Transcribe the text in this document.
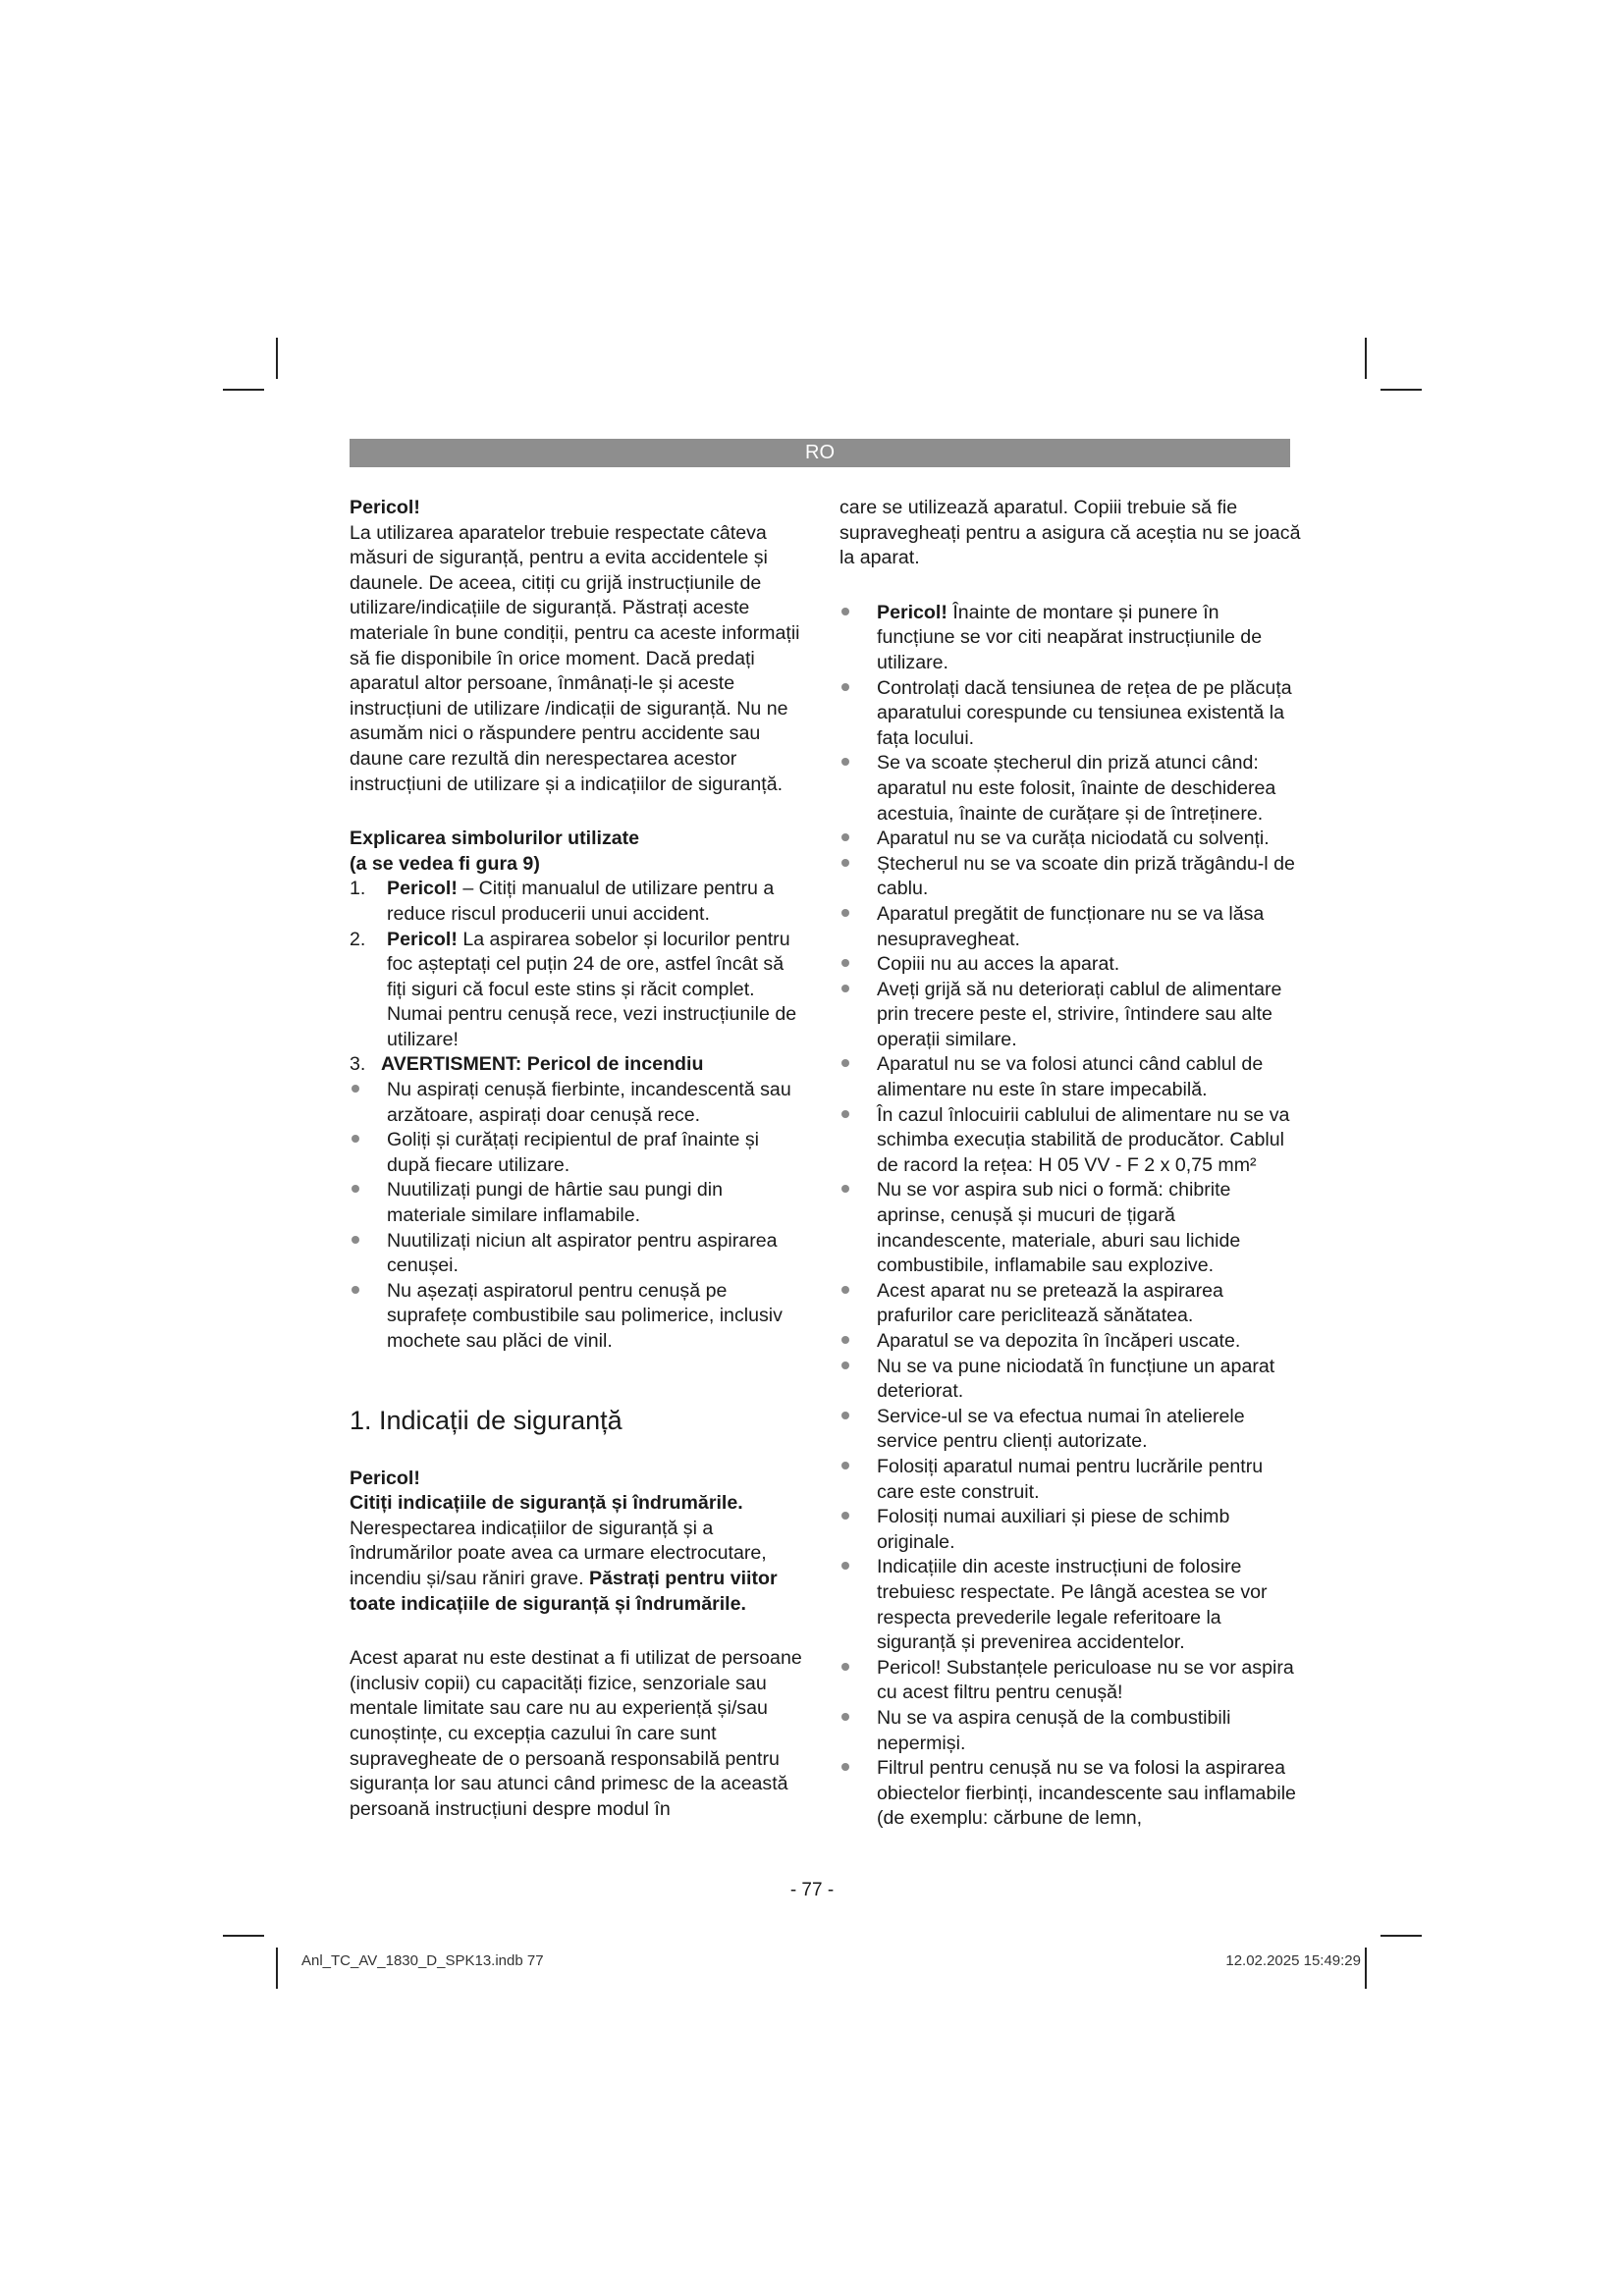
RO

Pericol!

La utilizarea aparatelor trebuie respectate câteva măsuri de siguranță, pentru a evita accidentele și daunele. De aceea, citiți cu grijă instrucțiunile de utilizare/indicațiile de siguranță. Păstrați aceste materiale în bune condiții, pentru ca aceste informații să fie disponibile în orice moment. Dacă predați aparatul altor persoane, înmânați-le și aceste instrucțiuni de utilizare /indicații de siguranță. Nu ne asumăm nici o răspundere pentru accidente sau daune care rezultă din nerespectarea acestor instrucțiuni de utilizare și a indicațiilor de siguranță.

Explicarea simbolurilor utilizate

(a se vedea fi gura 9)

1.	Pericol! – Citiți manualul de utilizare pentru a reduce riscul producerii unui accident.
2.	Pericol! La aspirarea sobelor și locurilor pentru foc așteptați cel puțin 24 de ore, astfel încât să fiți siguri că focul este stins și răcit complet. Numai pentru cenușă rece, vezi instrucțiunile de utilizare!
3. AVERTISMENT: Pericol de incendiu
Nu aspirați cenușă fierbinte, incandescentă sau arzătoare, aspirați doar cenușă rece.
Goliți și curățați recipientul de praf înainte și după fiecare utilizare.
Nuutilizați pungi de hârtie sau pungi din materiale similare inflamabile.
Nuutilizați niciun alt aspirator pentru aspirarea cenușei.
Nu așezați aspiratorul pentru cenușă pe suprafețe combustibile sau polimerice, inclusiv mochete sau plăci de vinil.
1. Indicații de siguranță

Pericol!

Citiți indicațiile de siguranță și îndrumările.

Nerespectarea indicațiilor de siguranță și a îndrumărilor poate avea ca urmare electrocutare, incendiu și/sau răniri grave. Păstrați pentru viitor toate indicațiile de siguranță și îndrumările.

Acest aparat nu este destinat a fi utilizat de persoane (inclusiv copii) cu capacități fizice, senzoriale sau mentale limitate sau care nu au experiență și/sau cunoștințe, cu excepția cazului în care sunt supravegheate de o persoană responsabilă pentru siguranța lor sau atunci când primesc de la această persoană instrucțiuni despre modul în

care se utilizează aparatul. Copiii trebuie să fie supravegheați pentru a asigura că aceștia nu se joacă la aparat.

Pericol! Înainte de montare și punere în funcțiune se vor citi neapărat instrucțiunile de utilizare.
Controlați dacă tensiunea de rețea de pe plăcuța aparatului corespunde cu tensiunea existentă la fața locului.
Se va scoate ștecherul din priză atunci când: aparatul nu este folosit, înainte de deschiderea acestuia, înainte de curățare și de întreținere.
Aparatul nu se va curăța niciodată cu solvenți.
Ștecherul nu se va scoate din priză trăgându-l de cablu.
Aparatul pregătit de funcționare nu se va lăsa nesupravegheat.
Copiii nu au acces la aparat.
Aveți grijă să nu deteriorați cablul de alimentare prin trecere peste el, strivire, întindere sau alte operații similare.
Aparatul nu se va folosi atunci când cablul de alimentare nu este în stare impecabilă.
În cazul înlocuirii cablului de alimentare nu se va schimba execuția stabilită de producător. Cablul de racord la rețea: H 05 VV - F 2 x 0,75 mm²
Nu se vor aspira sub nici o formă: chibrite aprinse, cenușă și mucuri de țigară incandescente, materiale, aburi sau lichide combustibile, inflamabile sau explozive.
Acest aparat nu se pretează la aspirarea prafurilor care periclitează sănătatea.
Aparatul se va depozita în încăperi uscate.
Nu se va pune niciodată în funcțiune un aparat deteriorat.
Service-ul se va efectua numai în atelierele service pentru clienți autorizate.
Folosiți aparatul numai pentru lucrările pentru care este construit.
Folosiți numai auxiliari și piese de schimb originale.
Indicațiile din aceste instrucțiuni de folosire trebuiesc respectate. Pe lângă acestea se vor respecta prevederile legale referitoare la siguranță și prevenirea accidentelor.
Pericol! Substanțele periculoase nu se vor aspira cu acest filtru pentru cenușă!
Nu se va aspira cenușă de la combustibili nepermiși.
Filtrul pentru cenușă nu se va folosi la aspirarea obiectelor fierbinți, incandescente sau inflamabile (de exemplu: cărbune de lemn,
- 77 -
Anl_TC_AV_1830_D_SPK13.indb 77	12.02.2025 15:49:29
